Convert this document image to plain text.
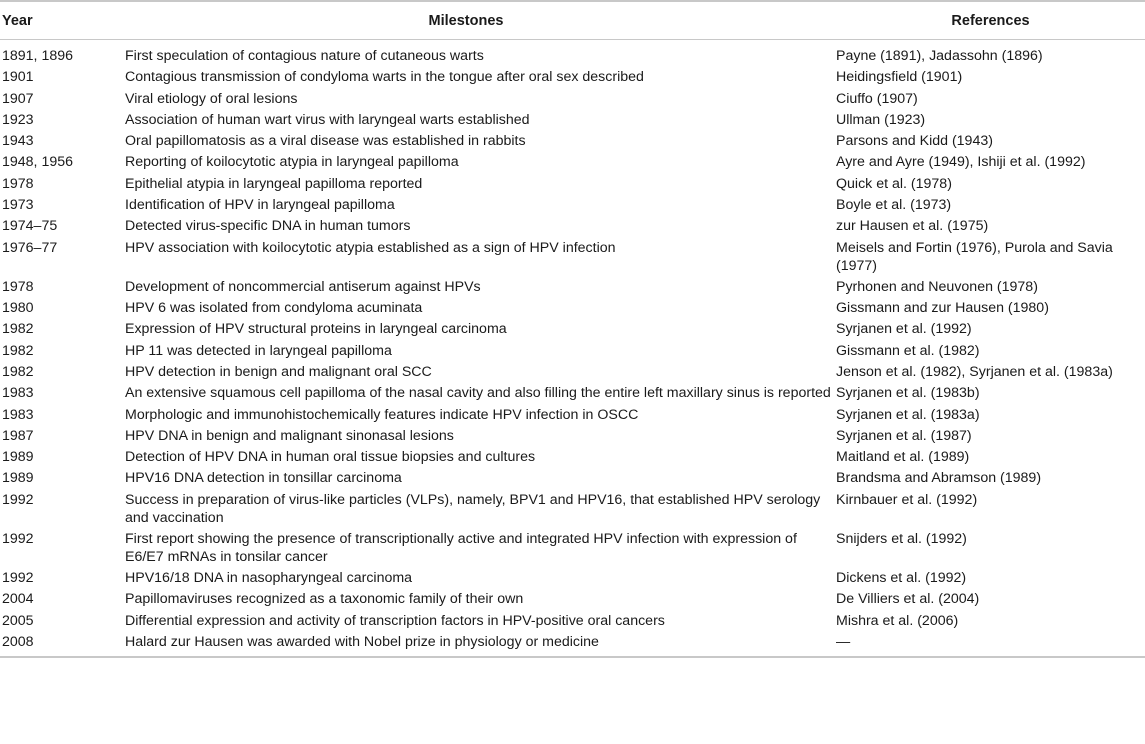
Year	Milestones	References
1891, 1896	First speculation of contagious nature of cutaneous warts	Payne (1891), Jadassohn (1896)
1901	Contagious transmission of condyloma warts in the tongue after oral sex described	Heidingsfield (1901)
1907	Viral etiology of oral lesions	Ciuffo (1907)
1923	Association of human wart virus with laryngeal warts established	Ullman (1923)
1943	Oral papillomatosis as a viral disease was established in rabbits	Parsons and Kidd (1943)
1948, 1956	Reporting of koilocytotic atypia in laryngeal papilloma	Ayre and Ayre (1949), Ishiji et al. (1992)
1978	Epithelial atypia in laryngeal papilloma reported	Quick et al. (1978)
1973	Identification of HPV in laryngeal papilloma	Boyle et al. (1973)
1974–75	Detected virus-specific DNA in human tumors	zur Hausen et al. (1975)
1976–77	HPV association with koilocytotic atypia established as a sign of HPV infection	Meisels and Fortin (1976), Purola and Savia (1977)
1978	Development of noncommercial antiserum against HPVs	Pyrhonen and Neuvonen (1978)
1980	HPV 6 was isolated from condyloma acuminata	Gissmann and zur Hausen (1980)
1982	Expression of HPV structural proteins in laryngeal carcinoma	Syrjanen et al. (1992)
1982	HP 11 was detected in laryngeal papilloma	Gissmann et al. (1982)
1982	HPV detection in benign and malignant oral SCC	Jenson et al. (1982), Syrjanen et al. (1983a)
1983	An extensive squamous cell papilloma of the nasal cavity and also filling the entire left maxillary sinus is reported	Syrjanen et al. (1983b)
1983	Morphologic and immunohistochemically features indicate HPV infection in OSCC	Syrjanen et al. (1983a)
1987	HPV DNA in benign and malignant sinonasal lesions	Syrjanen et al. (1987)
1989	Detection of HPV DNA in human oral tissue biopsies and cultures	Maitland et al. (1989)
1989	HPV16 DNA detection in tonsillar carcinoma	Brandsma and Abramson (1989)
1992	Success in preparation of virus-like particles (VLPs), namely, BPV1 and HPV16, that established HPV serology and vaccination	Kirnbauer et al. (1992)
1992	First report showing the presence of transcriptionally active and integrated HPV infection with expression of E6/E7 mRNAs in tonsilar cancer	Snijders et al. (1992)
1992	HPV16/18 DNA in nasopharyngeal carcinoma	Dickens et al. (1992)
2004	Papillomaviruses recognized as a taxonomic family of their own	De Villiers et al. (2004)
2005	Differential expression and activity of transcription factors in HPV-positive oral cancers	Mishra et al. (2006)
2008	Halard zur Hausen was awarded with Nobel prize in physiology or medicine	—
